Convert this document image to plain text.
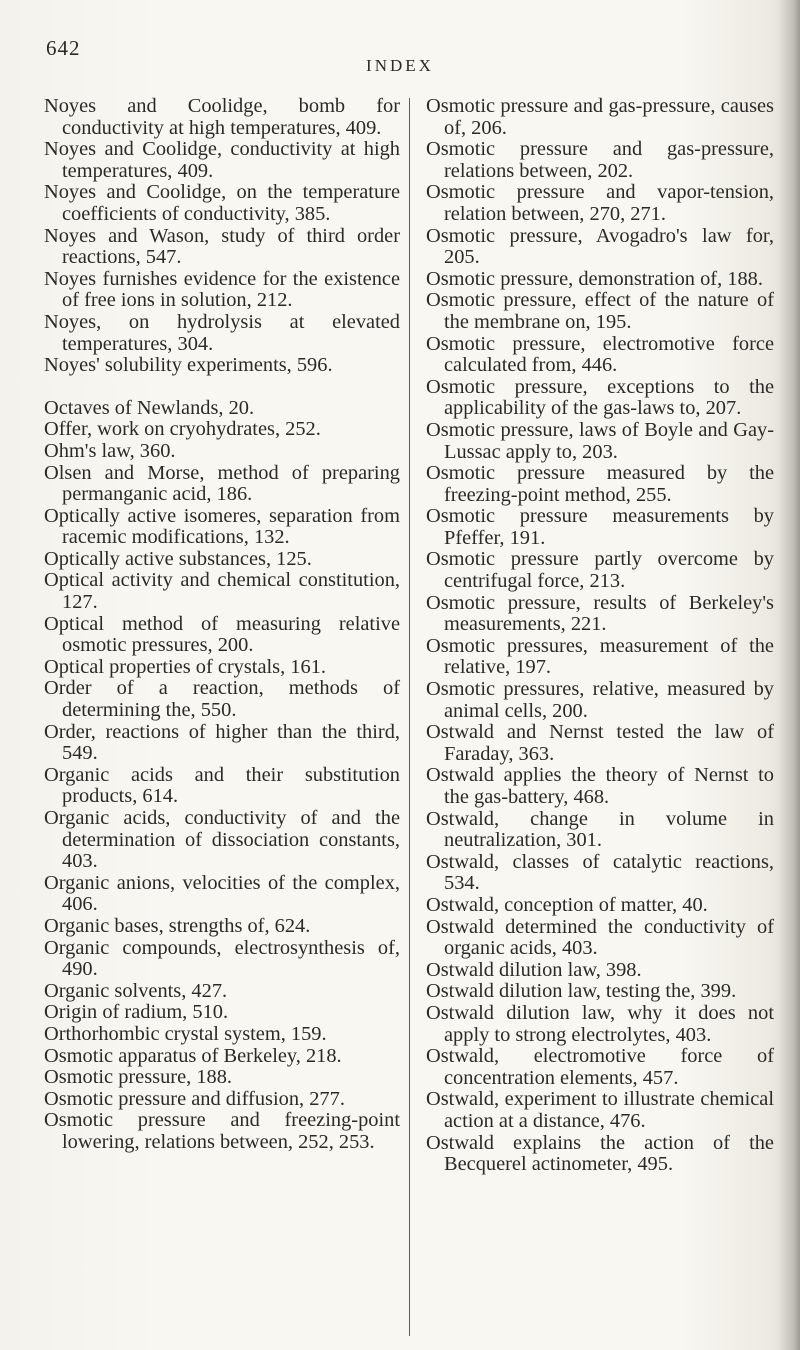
642
INDEX

Noyes and Coolidge, bomb for conductivity at high temperatures, 409.

Noyes and Coolidge, conductivity at high temperatures, 409.

Noyes and Coolidge, on the temperature coefficients of conductivity, 385.

Noyes and Wason, study of third order reactions, 547.

Noyes furnishes evidence for the existence of free ions in solution, 212.

Noyes, on hydrolysis at elevated temperatures, 304.

Noyes' solubility experiments, 596.

Octaves of Newlands, 20.

Offer, work on cryohydrates, 252.

Ohm's law, 360.

Olsen and Morse, method of preparing permanganic acid, 186.

Optically active isomeres, separation from racemic modifications, 132.

Optically active substances, 125.

Optical activity and chemical constitution, 127.

Optical method of measuring relative osmotic pressures, 200.

Optical properties of crystals, 161.

Order of a reaction, methods of determining the, 550.

Order, reactions of higher than the third, 549.

Organic acids and their substitution products, 614.

Organic acids, conductivity of and the determination of dissociation constants, 403.

Organic anions, velocities of the complex, 406.

Organic bases, strengths of, 624.

Organic compounds, electrosynthesis of, 490.

Organic solvents, 427.

Origin of radium, 510.

Orthorhombic crystal system, 159.

Osmotic apparatus of Berkeley, 218.

Osmotic pressure, 188.

Osmotic pressure and diffusion, 277.

Osmotic pressure and freezing-point lowering, relations between, 252, 253.

Osmotic pressure and gas-pressure, causes of, 206.

Osmotic pressure and gas-pressure, relations between, 202.

Osmotic pressure and vapor-tension, relation between, 270, 271.

Osmotic pressure, Avogadro's law for, 205.

Osmotic pressure, demonstration of, 188.

Osmotic pressure, effect of the nature of the membrane on, 195.

Osmotic pressure, electromotive force calculated from, 446.

Osmotic pressure, exceptions to the applicability of the gas-laws to, 207.

Osmotic pressure, laws of Boyle and Gay-Lussac apply to, 203.

Osmotic pressure measured by the freezing-point method, 255.

Osmotic pressure measurements by Pfeffer, 191.

Osmotic pressure partly overcome by centrifugal force, 213.

Osmotic pressure, results of Berkeley's measurements, 221.

Osmotic pressures, measurement of the relative, 197.

Osmotic pressures, relative, measured by animal cells, 200.

Ostwald and Nernst tested the law of Faraday, 363.

Ostwald applies the theory of Nernst to the gas-battery, 468.

Ostwald, change in volume in neutralization, 301.

Ostwald, classes of catalytic reactions, 534.

Ostwald, conception of matter, 40.

Ostwald determined the conductivity of organic acids, 403.

Ostwald dilution law, 398.

Ostwald dilution law, testing the, 399.

Ostwald dilution law, why it does not apply to strong electrolytes, 403.

Ostwald, electromotive force of concentration elements, 457.

Ostwald, experiment to illustrate chemical action at a distance, 476.

Ostwald explains the action of the Becquerel actinometer, 495.
